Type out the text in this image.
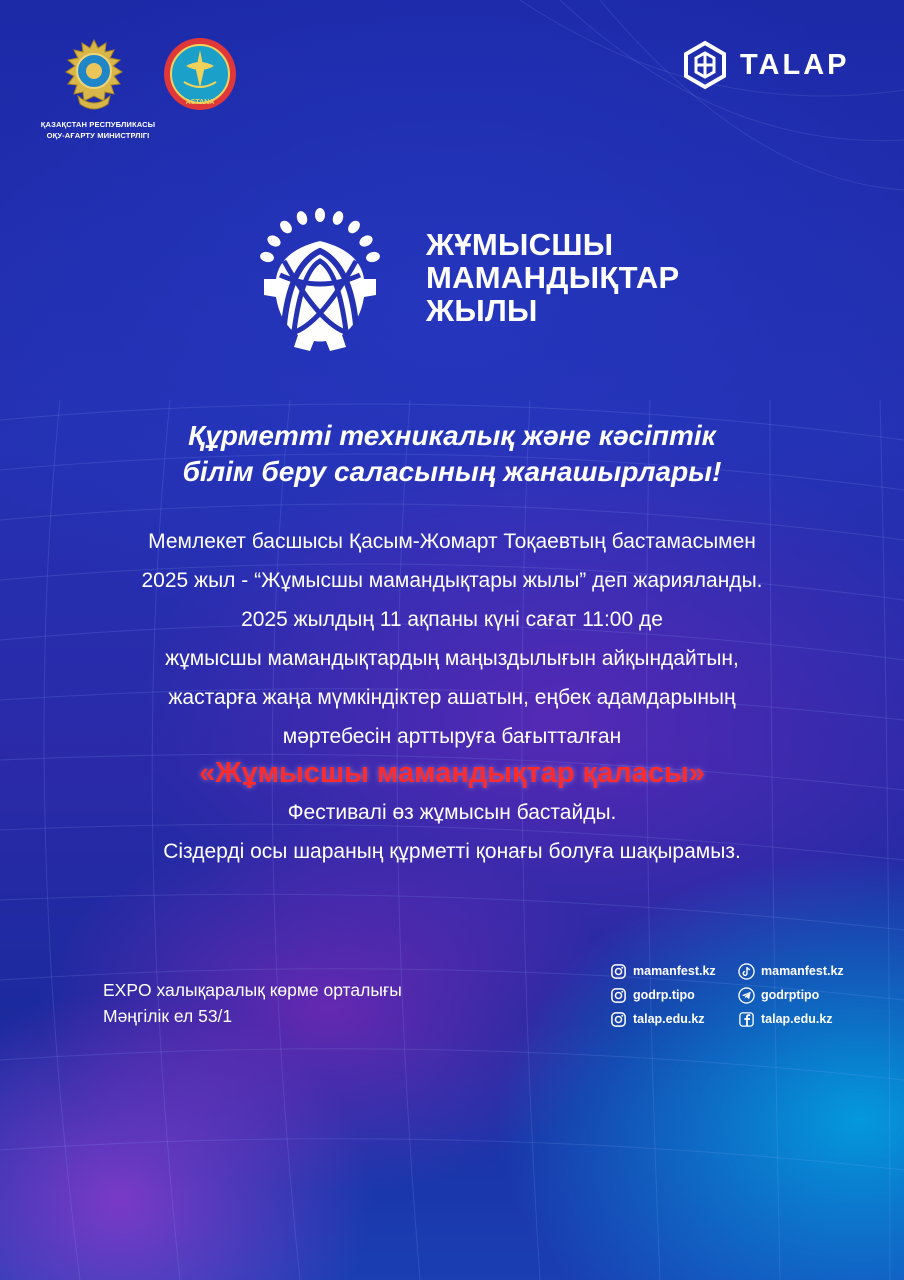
ҚАЗАҚСТАН РЕСПУБЛИКАСЫ
ОҚУ-АҒАРТУ МИНИСТРЛІГІ
ASTANA
TALAP
ЖҰМЫСШЫ
МАМАНДЫҚТАР
ЖЫЛЫ
Құрметті техникалық және кәсіптік
білім беру саласының жанашырлары!
Мемлекет басшысы Қасым-Жомарт Тоқаевтың бастамасымен
2025 жыл - “Жұмысшы мамандықтары жылы” деп жарияланды.
2025 жылдың 11 ақпаны күні сағат 11:00 де
жұмысшы мамандықтардың маңыздылығын айқындайтын,
жастарға жаңа мүмкіндіктер ашатын, еңбек адамдарының
мәртебесін арттыруға бағытталған
«Жұмысшы мамандықтар қаласы»
Фестивалі өз жұмысын бастайды.
Сіздерді осы шараның құрметті қонағы болуға шақырамыз.
EXPO халықаралық көрме орталығы
Мәңгілік ел 53/1
mamanfest.kz
godrp.tipo
talap.edu.kz
mamanfest.kz
godrptipo
talap.edu.kz
